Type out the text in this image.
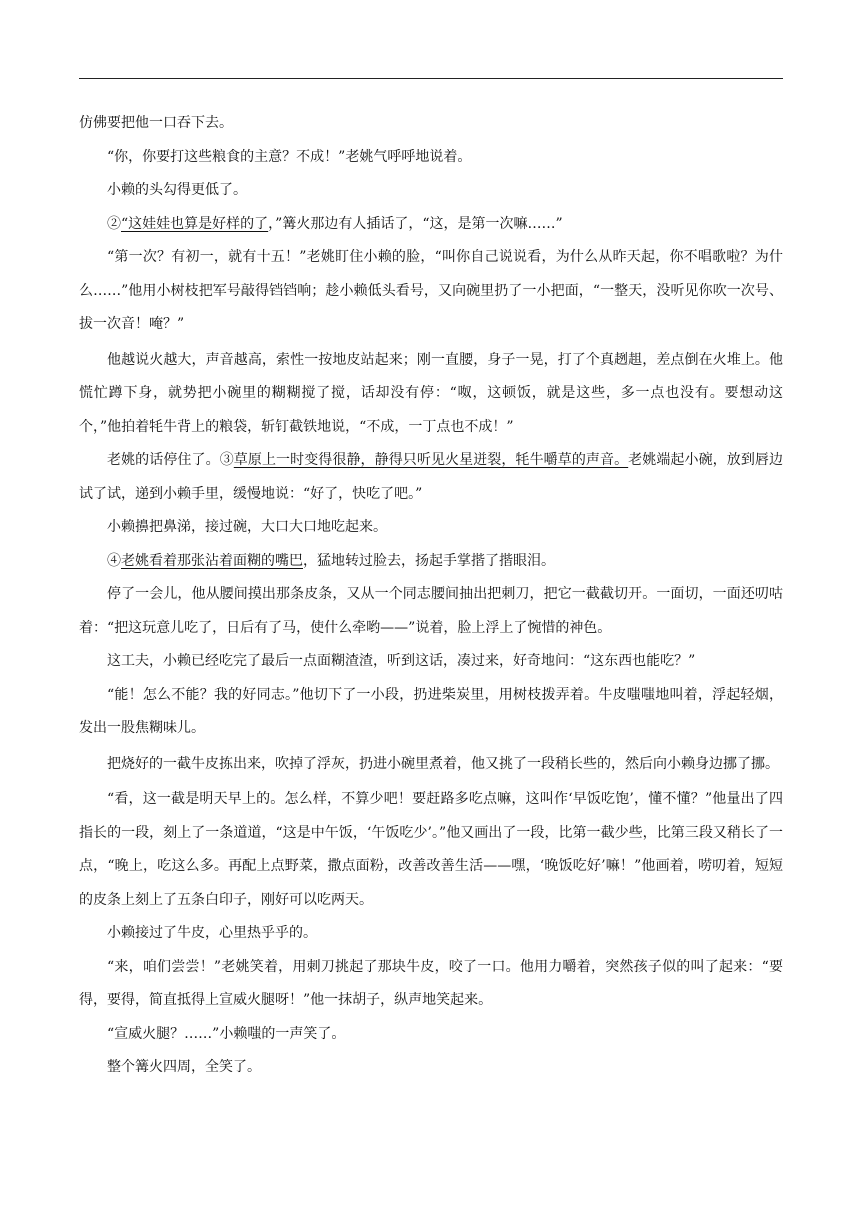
仿佛要把他一口吞下去。

“你，你要打这些粮食的主意？不成！”老姚气呼呼地说着。

小赖的头勾得更低了。

②“这娃娃也算是好样的了，”篝火那边有人插话了，“这，是第一次嘛……”

“第一次？有初一，就有十五！”老姚盯住小赖的脸，“叫你自己说说看，为什么从昨天起，你不唱歌啦？为什么……”他用小树枝把军号敲得铛铛响；趁小赖低头看号，又向碗里扔了一小把面，“一整天，没听见你吹一次号、拔一次音！唵？”

他越说火越大，声音越高，索性一按地皮站起来；刚一直腰，身子一晃，打了个真趔趄，差点倒在火堆上。他慌忙蹲下身，就势把小碗里的糊糊搅了搅，话却没有停：“呶，这顿饭，就是这些，多一点也没有。要想动这个，”他拍着牦牛背上的粮袋，斩钉截铁地说，“不成，一丁点也不成！”

老姚的话停住了。③草原上一时变得很静，静得只听见火星迸裂，牦牛嚼草的声音。老姚端起小碗，放到唇边试了试，递到小赖手里，缓慢地说：“好了，快吃了吧。”

小赖擤把鼻涕，接过碗，大口大口地吃起来。

④老姚看着那张沾着面糊的嘴巴，猛地转过脸去，扬起手掌揩了揩眼泪。

停了一会儿，他从腰间摸出那条皮条，又从一个同志腰间抽出把刺刀，把它一截截切开。一面切，一面还叨咕着：“把这玩意儿吃了，日后有了马，使什么牵哟——”说着，脸上浮上了惋惜的神色。

这工夫，小赖已经吃完了最后一点面糊渣渣，听到这话，凑过来，好奇地问：“这东西也能吃？”

“能！怎么不能？我的好同志。”他切下了一小段，扔进柴炭里，用树枝拨弄着。牛皮嗤嗤地叫着，浮起轻烟，发出一股焦糊味儿。

把烧好的一截牛皮拣出来，吹掉了浮灰，扔进小碗里煮着，他又挑了一段稍长些的，然后向小赖身边挪了挪。

“看，这一截是明天早上的。怎么样，不算少吧！要赶路多吃点嘛，这叫作‘早饭吃饱’，懂不懂？”他量出了四指长的一段，刻上了一条道道，“这是中午饭，‘午饭吃少’。”他又画出了一段，比第一截少些，比第三段又稍长了一点，“晚上，吃这么多。再配上点野菜，撒点面粉，改善改善生活——嘿，‘晚饭吃好’嘛！”他画着，唠叨着，短短的皮条上刻上了五条白印子，刚好可以吃两天。

小赖接过了牛皮，心里热乎乎的。

“来，咱们尝尝！”老姚笑着，用刺刀挑起了那块牛皮，咬了一口。他用力嚼着，突然孩子似的叫了起来：“要得，要得，简直抵得上宣威火腿呀！”他一抹胡子，纵声地笑起来。

“宣威火腿？……”小赖嗤的一声笑了。

整个篝火四周，全笑了。
